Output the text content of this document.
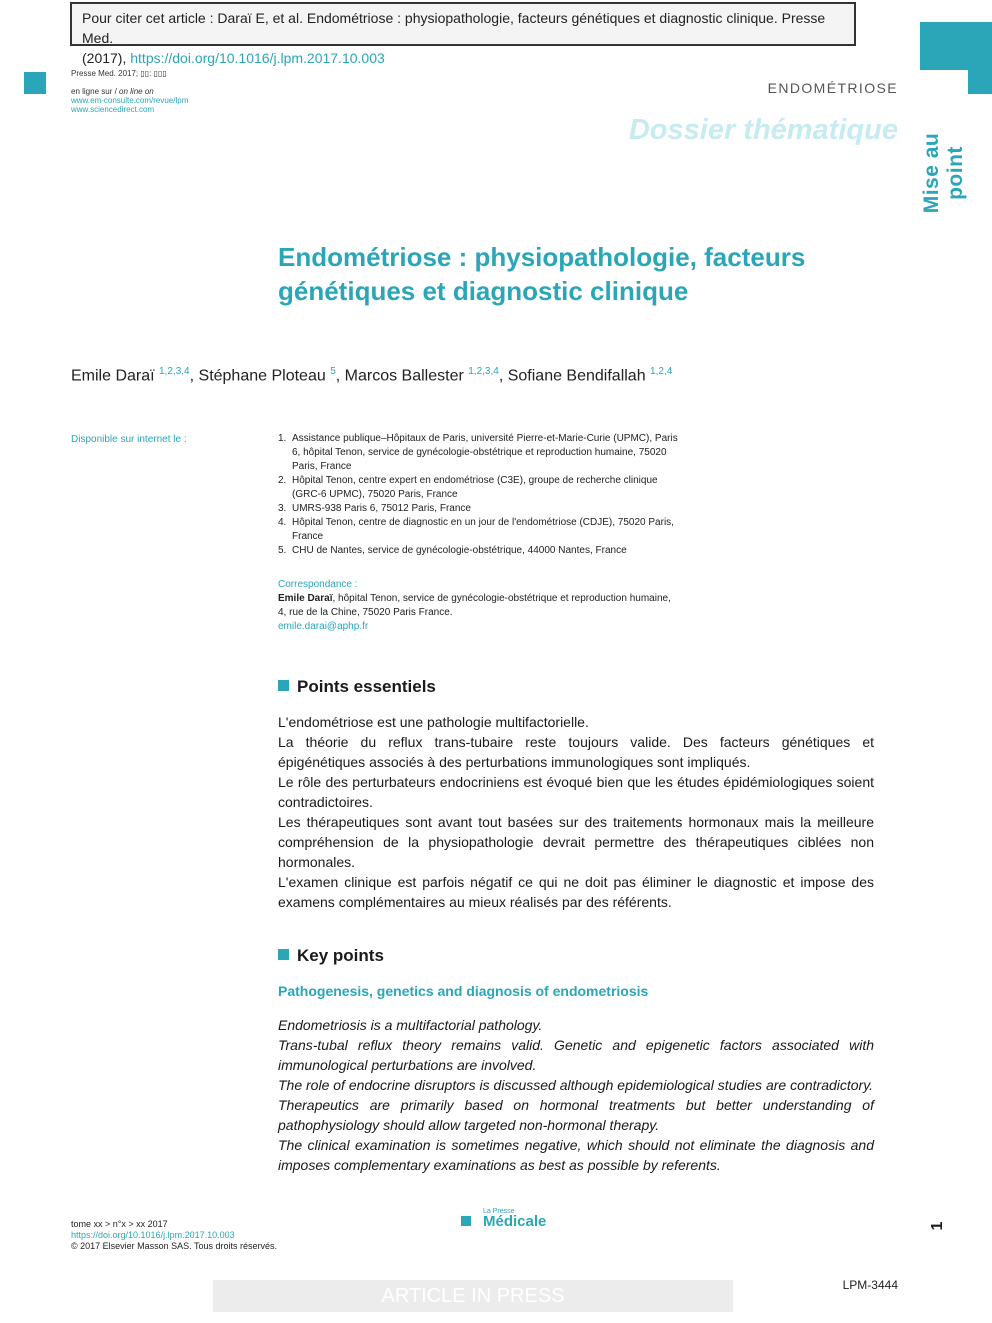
Pour citer cet article : Daraï E, et al. Endométriose : physiopathologie, facteurs génétiques et diagnostic clinique. Presse Med.
(2017), https://doi.org/10.1016/j.lpm.2017.10.003
Mise au point
Presse Med. 2017; ▯▯: ▯▯▯
en ligne sur / on line on
www.em-consulte.com/revue/lpm
www.sciencedirect.com
ENDOMÉTRIOSE
Dossier thématique
Endométriose : physiopathologie, facteurs génétiques et diagnostic clinique
Emile Daraï $^{1,2,3,4}$, Stéphane Ploteau $^5$, Marcos Ballester $^{1,2,3,4}$, Sofiane Bendifallah $^{1,2,4}$
Disponible sur internet le :	1. Assistance publique–Hôpitaux de Paris, université Pierre-et-Marie-Curie (UPMC), Paris 6, hôpital Tenon, service de gynécologie-obstétrique et reproduction humaine, 75020 Paris, France
2. Hôpital Tenon, centre expert en endométriose (C3E), groupe de recherche clinique (GRC-6 UPMC), 75020 Paris, France
3. UMRS-938 Paris 6, 75012 Paris, France
4. Hôpital Tenon, centre de diagnostic en un jour de l'endométriose (CDJE), 75020 Paris, France
5. CHU de Nantes, service de gynécologie-obstétrique, 44000 Nantes, France
Correspondance :
Emile Daraï, hôpital Tenon, service de gynécologie-obstétrique et reproduction humaine, 4, rue de la Chine, 75020 Paris France.
emile.darai@aphp.fr
Points essentiels

L'endométriose est une pathologie multifactorielle.

La théorie du reflux trans-tubaire reste toujours valide. Des facteurs génétiques et épigénétiques associés à des perturbations immunologiques sont impliqués.

Le rôle des perturbateurs endocriniens est évoqué bien que les études épidémiologiques soient contradictoires.

Les thérapeutiques sont avant tout basées sur des traitements hormonaux mais la meilleure compréhension de la physiopathologie devrait permettre des thérapeutiques ciblées non hormonales.

L'examen clinique est parfois négatif ce qui ne doit pas éliminer le diagnostic et impose des examens complémentaires au mieux réalisés par des référents.

Key points
Pathogenesis, genetics and diagnosis of endometriosis

Endometriosis is a multifactorial pathology.

Trans-tubal reflux theory remains valid. Genetic and epigenetic factors associated with immunological perturbations are involved.

The role of endocrine disruptors is discussed although epidemiological studies are contradictory.

Therapeutics are primarily based on hormonal treatments but better understanding of pathophysiology should allow targeted non-hormonal therapy.

The clinical examination is sometimes negative, which should not eliminate the diagnosis and imposes complementary examinations as best as possible by referents.

tome xx > n°x > xx 2017
https://doi.org/10.1016/j.lpm.2017.10.003
© 2017 Elsevier Masson SAS. Tous droits réservés.
La Presse
Médicale	1
ARTICLE IN PRESS	LPM-3444
